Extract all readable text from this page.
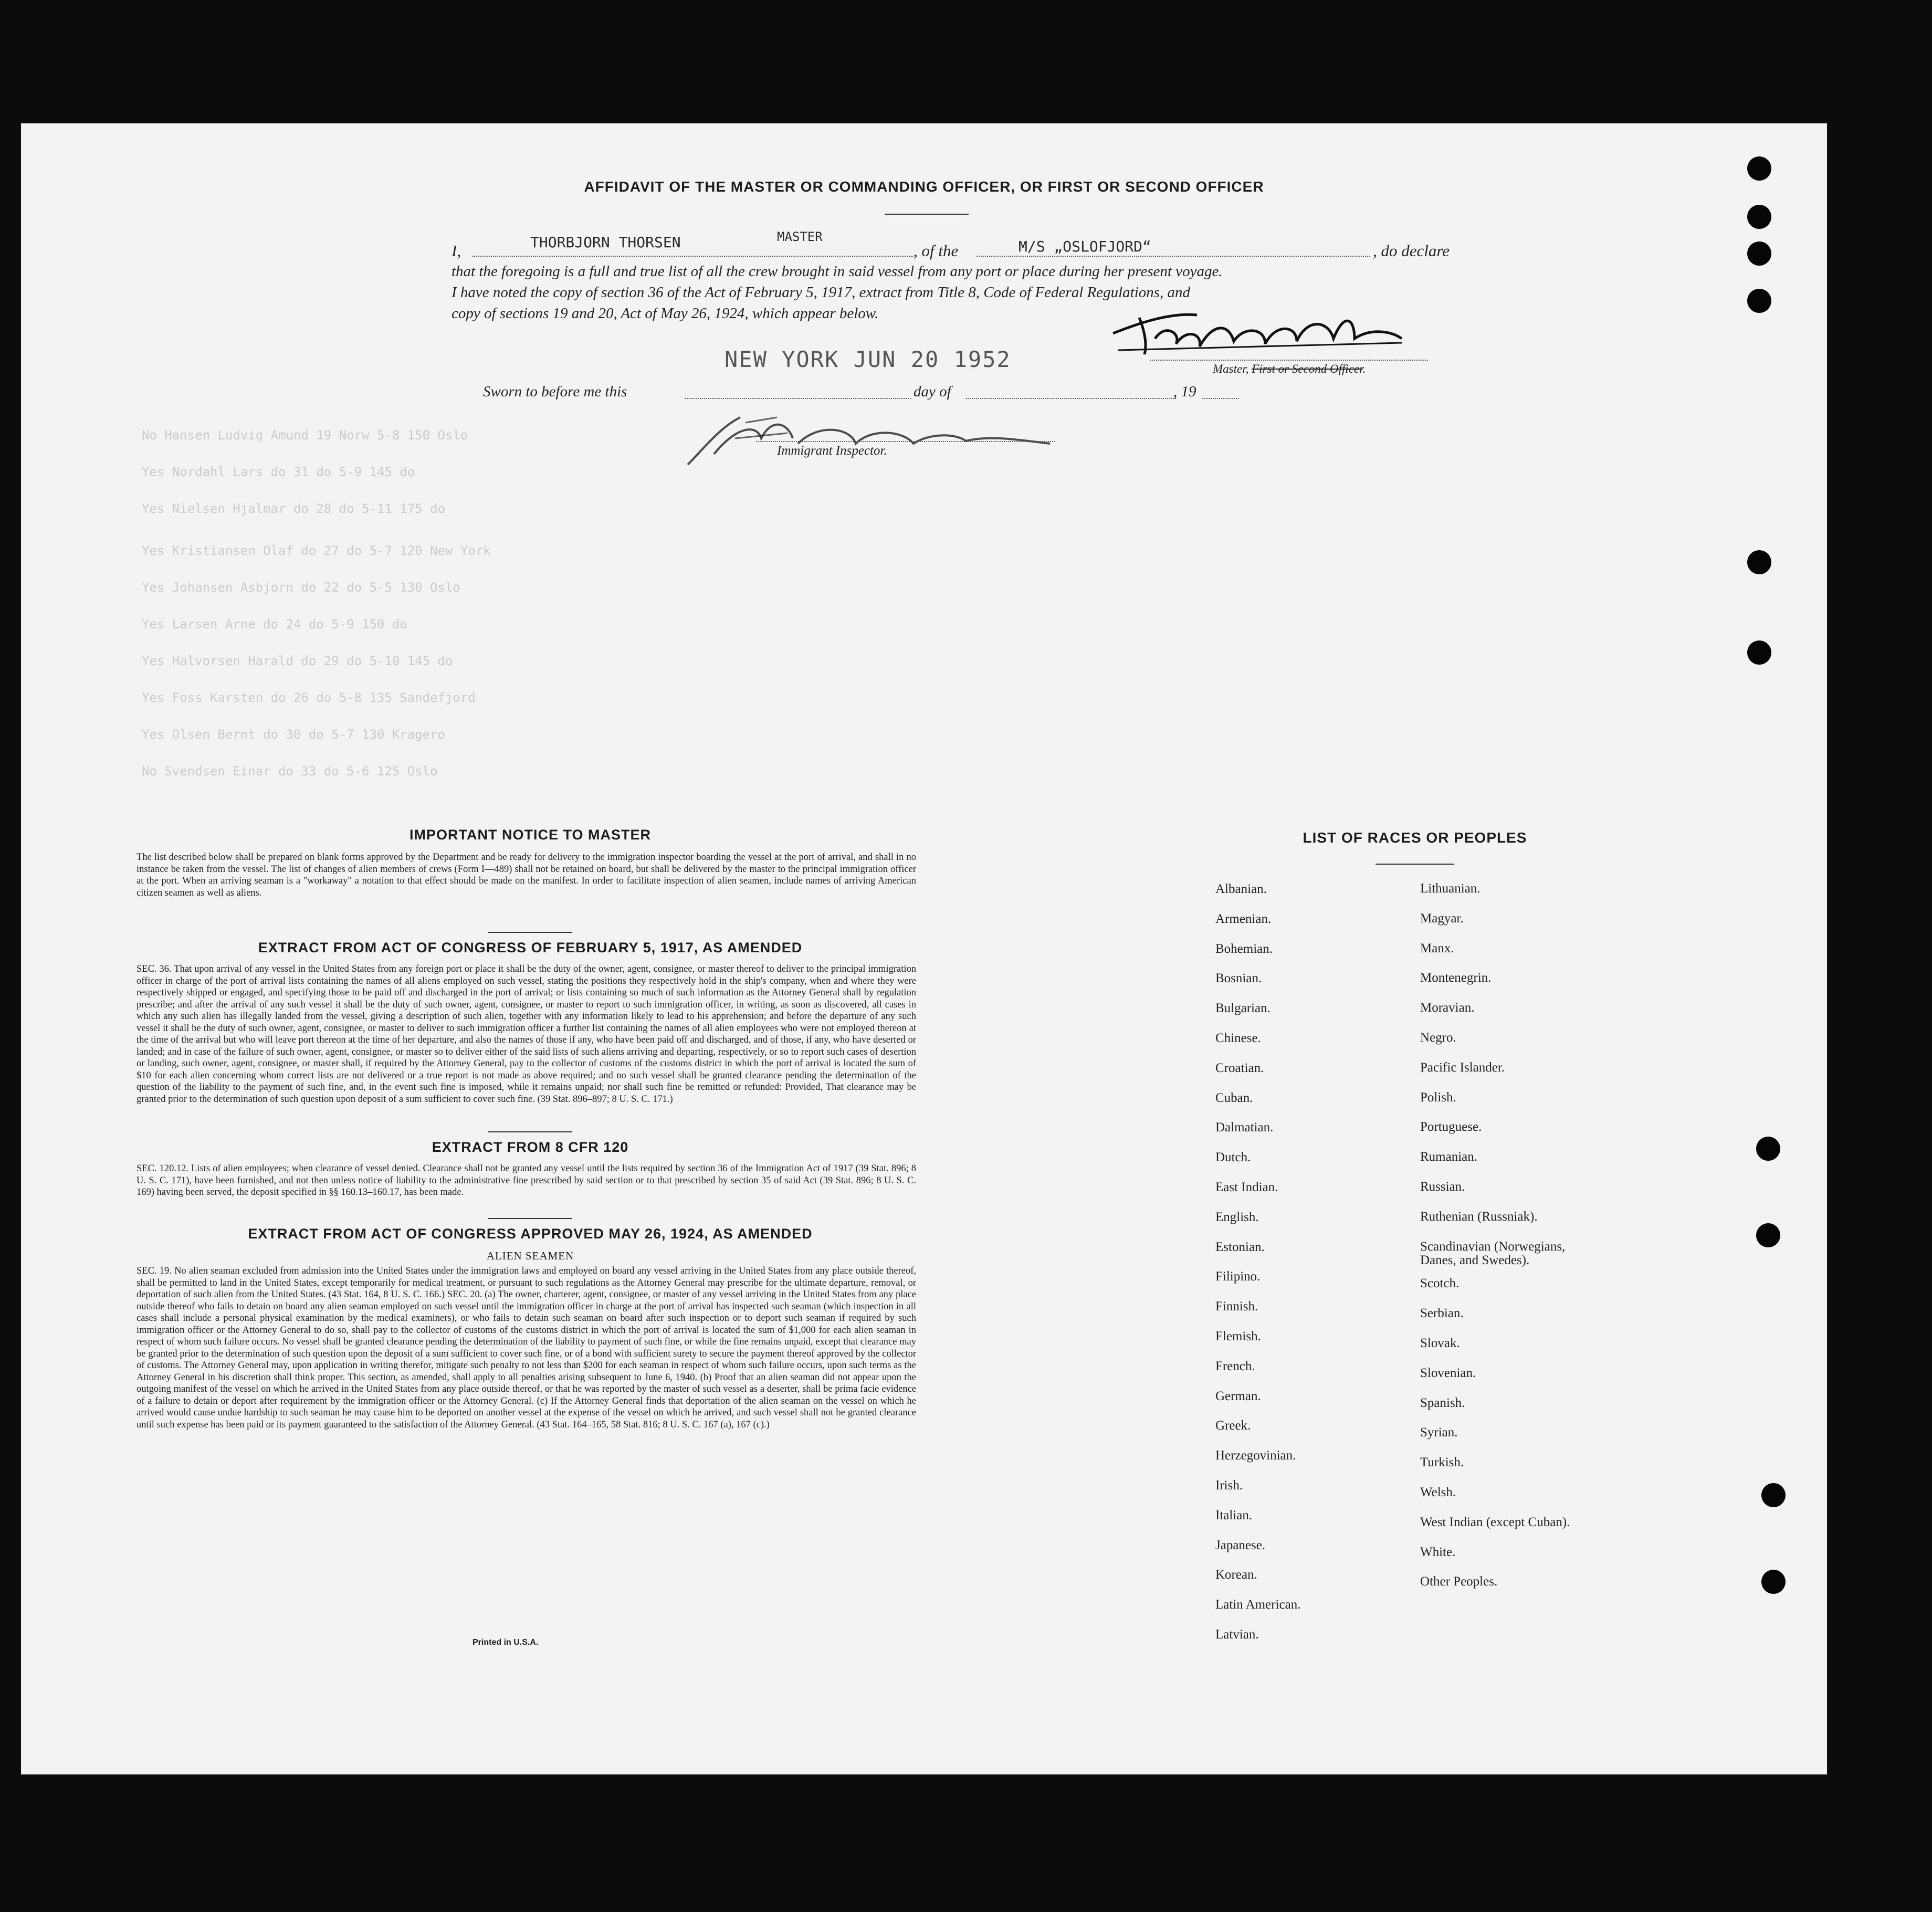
No Hansen Ludvig Amund 19 Norw 5-8 150 Oslo
Yes Nordahl Lars do 31 do 5-9 145 do
Yes Nielsen Hjalmar do 28 do 5-11 175 do
Yes Kristiansen Olaf do 27 do 5-7 120 New York
Yes Johansen Asbjorn do 22 do 5-5 130 Oslo
Yes Larsen Arne do 24 do 5-9 150 do
Yes Halvorsen Harald do 29 do 5-10 145 do
Yes Foss Karsten do 26 do 5-8 135 Sandefjord
Yes Olsen Bernt do 30 do 5-7 130 Kragero
No Svendsen Einar do 33 do 5-6 125 Oslo
AFFIDAVIT OF THE MASTER OR COMMANDING OFFICER, OR FIRST OR SECOND OFFICER
I,	THORBJORN THORSEN	MASTER
, of the	M/S „OSLOFJORD“	, do declare
that the foregoing is a full and true list of all the crew brought in said vessel from any port or place during her present voyage.
I have noted the copy of section 36 of the Act of February 5, 1917, extract from Title 8, Code of Federal Regulations, and
copy of sections 19 and 20, Act of May 26, 1924, which appear below.
Master, First or Second Officer.
NEW YORK JUN 20 1952
Sworn to before me this	day of	, 19
Immigrant Inspector.
IMPORTANT NOTICE TO MASTER

The list described below shall be prepared on blank forms approved by the Department and be ready for delivery to the immigration inspector boarding the vessel at the port of arrival, and shall in no instance be taken from the vessel. The list of changes of alien members of crews (Form I—489) shall not be retained on board, but shall be delivered by the master to the principal immigration officer at the port. When an arriving seaman is a "workaway" a notation to that effect should be made on the manifest. In order to facilitate inspection of alien seamen, include names of arriving American citizen seamen as well as aliens.

EXTRACT FROM ACT OF CONGRESS OF FEBRUARY 5, 1917, AS AMENDED

SEC. 36. That upon arrival of any vessel in the United States from any foreign port or place it shall be the duty of the owner, agent, consignee, or master thereof to deliver to the principal immigration officer in charge of the port of arrival lists containing the names of all aliens employed on such vessel, stating the positions they respectively hold in the ship's company, when and where they were respectively shipped or engaged, and specifying those to be paid off and discharged in the port of arrival; or lists containing so much of such information as the Attorney General shall by regulation prescribe; and after the arrival of any such vessel it shall be the duty of such owner, agent, consignee, or master to report to such immigration officer, in writing, as soon as discovered, all cases in which any such alien has illegally landed from the vessel, giving a description of such alien, together with any information likely to lead to his apprehension; and before the departure of any such vessel it shall be the duty of such owner, agent, consignee, or master to deliver to such immigration officer a further list containing the names of all alien employees who were not employed thereon at the time of the arrival but who will leave port thereon at the time of her departure, and also the names of those if any, who have been paid off and discharged, and of those, if any, who have deserted or landed; and in case of the failure of such owner, agent, consignee, or master so to deliver either of the said lists of such aliens arriving and departing, respectively, or so to report such cases of desertion or landing, such owner, agent, consignee, or master shall, if required by the Attorney General, pay to the collector of customs of the customs district in which the port of arrival is located the sum of $10 for each alien concerning whom correct lists are not delivered or a true report is not made as above required; and no such vessel shall be granted clearance pending the determination of the question of the liability to the payment of such fine, and, in the event such fine is imposed, while it remains unpaid; nor shall such fine be remitted or refunded: Provided, That clearance may be granted prior to the determination of such question upon deposit of a sum sufficient to cover such fine. (39 Stat. 896–897; 8 U. S. C. 171.)

EXTRACT FROM 8 CFR 120

SEC. 120.12. Lists of alien employees; when clearance of vessel denied. Clearance shall not be granted any vessel until the lists required by section 36 of the Immigration Act of 1917 (39 Stat. 896; 8 U. S. C. 171), have been furnished, and not then unless notice of liability to the administrative fine prescribed by said section or to that prescribed by section 35 of said Act (39 Stat. 896; 8 U. S. C. 169) having been served, the deposit specified in §§ 160.13–160.17, has been made.

EXTRACT FROM ACT OF CONGRESS APPROVED MAY 26, 1924, AS AMENDED
ALIEN SEAMEN

SEC. 19. No alien seaman excluded from admission into the United States under the immigration laws and employed on board any vessel arriving in the United States from any place outside thereof, shall be permitted to land in the United States, except temporarily for medical treatment, or pursuant to such regulations as the Attorney General may prescribe for the ultimate departure, removal, or deportation of such alien from the United States. (43 Stat. 164, 8 U. S. C. 166.) SEC. 20. (a) The owner, charterer, agent, consignee, or master of any vessel arriving in the United States from any place outside thereof who fails to detain on board any alien seaman employed on such vessel until the immigration officer in charge at the port of arrival has inspected such seaman (which inspection in all cases shall include a personal physical examination by the medical examiners), or who fails to detain such seaman on board after such inspection or to deport such seaman if required by such immigration officer or the Attorney General to do so, shall pay to the collector of customs of the customs district in which the port of arrival is located the sum of $1,000 for each alien seaman in respect of whom such failure occurs. No vessel shall be granted clearance pending the determination of the liability to payment of such fine, or while the fine remains unpaid, except that clearance may be granted prior to the determination of such question upon the deposit of a sum sufficient to cover such fine, or of a bond with sufficient surety to secure the payment thereof approved by the collector of customs. The Attorney General may, upon application in writing therefor, mitigate such penalty to not less than $200 for each seaman in respect of whom such failure occurs, upon such terms as the Attorney General in his discretion shall think proper. This section, as amended, shall apply to all penalties arising subsequent to June 6, 1940. (b) Proof that an alien seaman did not appear upon the outgoing manifest of the vessel on which he arrived in the United States from any place outside thereof, or that he was reported by the master of such vessel as a deserter, shall be prima facie evidence of a failure to detain or deport after requirement by the immigration officer or the Attorney General. (c) If the Attorney General finds that deportation of the alien seaman on the vessel on which he arrived would cause undue hardship to such seaman he may cause him to be deported on another vessel at the expense of the vessel on which he arrived, and such vessel shall not be granted clearance until such expense has been paid or its payment guaranteed to the satisfaction of the Attorney General. (43 Stat. 164–165, 58 Stat. 816; 8 U. S. C. 167 (a), 167 (c).)

Printed in U.S.A.
LIST OF RACES OR PEOPLES
Albanian.
Armenian.
Bohemian.
Bosnian.
Bulgarian.
Chinese.
Croatian.
Cuban.
Dalmatian.
Dutch.
East Indian.
English.
Estonian.
Filipino.
Finnish.
Flemish.
French.
German.
Greek.
Herzegovinian.
Irish.
Italian.
Japanese.
Korean.
Latin American.
Latvian.
Lithuanian.
Magyar.
Manx.
Montenegrin.
Moravian.
Negro.
Pacific Islander.
Polish.
Portuguese.
Rumanian.
Russian.
Ruthenian (Russniak).
Scandinavian (Norwegians, Danes, and Swedes).
Scotch.
Serbian.
Slovak.
Slovenian.
Spanish.
Syrian.
Turkish.
Welsh.
West Indian (except Cuban).
White.
Other Peoples.
